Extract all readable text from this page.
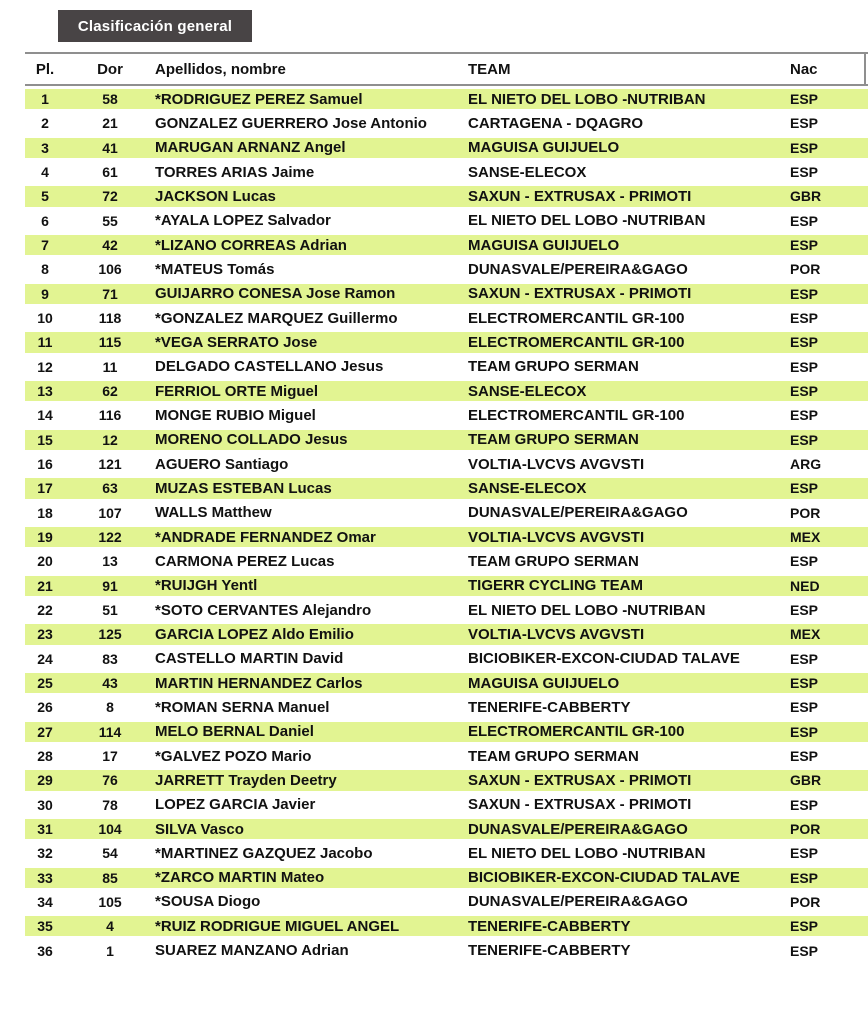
Clasificación general
Pl.	Dor	Apellidos, nombre	TEAM	Nac
1	58	*RODRIGUEZ PEREZ Samuel	EL NIETO DEL LOBO -NUTRIBAN	ESP
2	21	GONZALEZ GUERRERO Jose Antonio	CARTAGENA - DQAGRO	ESP
3	41	MARUGAN ARNANZ Angel	MAGUISA GUIJUELO	ESP
4	61	TORRES ARIAS Jaime	SANSE-ELECOX	ESP
5	72	JACKSON Lucas	SAXUN - EXTRUSAX - PRIMOTI	GBR
6	55	*AYALA LOPEZ Salvador	EL NIETO DEL LOBO -NUTRIBAN	ESP
7	42	*LIZANO CORREAS Adrian	MAGUISA GUIJUELO	ESP
8	106	*MATEUS Tomás	DUNASVALE/PEREIRA&GAGO	POR
9	71	GUIJARRO CONESA Jose Ramon	SAXUN - EXTRUSAX - PRIMOTI	ESP
10	118	*GONZALEZ MARQUEZ Guillermo	ELECTROMERCANTIL GR-100	ESP
11	115	*VEGA SERRATO Jose	ELECTROMERCANTIL GR-100	ESP
12	11	DELGADO CASTELLANO Jesus	TEAM GRUPO SERMAN	ESP
13	62	FERRIOL ORTE Miguel	SANSE-ELECOX	ESP
14	116	MONGE RUBIO Miguel	ELECTROMERCANTIL GR-100	ESP
15	12	MORENO COLLADO Jesus	TEAM GRUPO SERMAN	ESP
16	121	AGUERO Santiago	VOLTIA-LVCVS AVGVSTI	ARG
17	63	MUZAS ESTEBAN Lucas	SANSE-ELECOX	ESP
18	107	WALLS Matthew	DUNASVALE/PEREIRA&GAGO	POR
19	122	*ANDRADE FERNANDEZ Omar	VOLTIA-LVCVS AVGVSTI	MEX
20	13	CARMONA PEREZ Lucas	TEAM GRUPO SERMAN	ESP
21	91	*RUIJGH Yentl	TIGERR CYCLING TEAM	NED
22	51	*SOTO CERVANTES Alejandro	EL NIETO DEL LOBO -NUTRIBAN	ESP
23	125	GARCIA LOPEZ Aldo Emilio	VOLTIA-LVCVS AVGVSTI	MEX
24	83	CASTELLO MARTIN David	BICIOBIKER-EXCON-CIUDAD TALAVE	ESP
25	43	MARTIN HERNANDEZ Carlos	MAGUISA GUIJUELO	ESP
26	8	*ROMAN SERNA Manuel	TENERIFE-CABBERTY	ESP
27	114	MELO BERNAL Daniel	ELECTROMERCANTIL GR-100	ESP
28	17	*GALVEZ POZO Mario	TEAM GRUPO SERMAN	ESP
29	76	JARRETT Trayden Deetry	SAXUN - EXTRUSAX - PRIMOTI	GBR
30	78	LOPEZ GARCIA Javier	SAXUN - EXTRUSAX - PRIMOTI	ESP
31	104	SILVA Vasco	DUNASVALE/PEREIRA&GAGO	POR
32	54	*MARTINEZ GAZQUEZ Jacobo	EL NIETO DEL LOBO -NUTRIBAN	ESP
33	85	*ZARCO MARTIN Mateo	BICIOBIKER-EXCON-CIUDAD TALAVE	ESP
34	105	*SOUSA Diogo	DUNASVALE/PEREIRA&GAGO	POR
35	4	*RUIZ RODRIGUE MIGUEL ANGEL	TENERIFE-CABBERTY	ESP
36	1	SUAREZ MANZANO Adrian	TENERIFE-CABBERTY	ESP
